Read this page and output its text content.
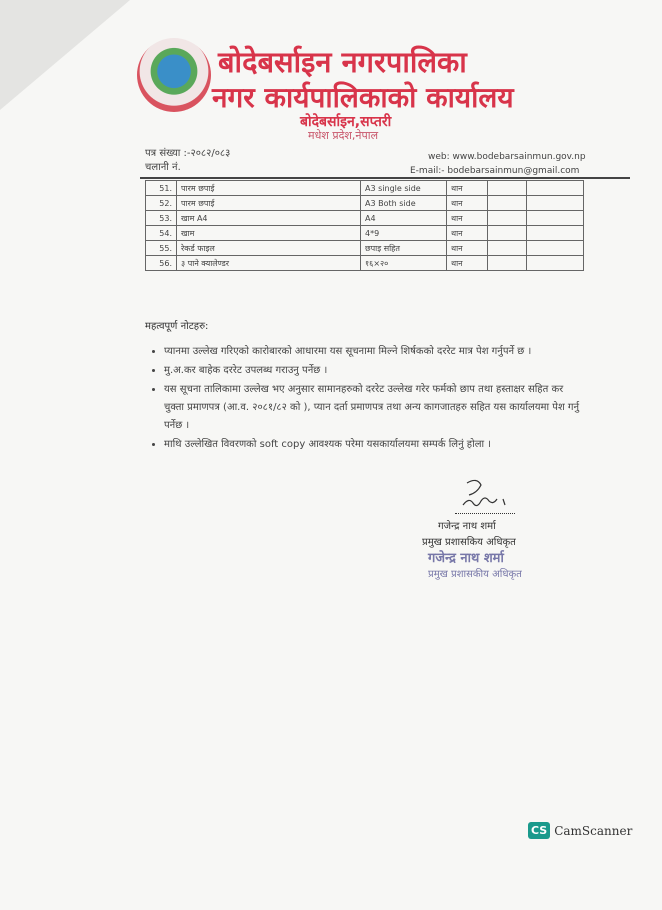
बोदेबर्साइन नगरपालिका
नगर कार्यपालिकाको कार्यालय
बोदेबर्साइन,सप्तरी
मधेश प्रदेश,नेपाल
पत्र संख्या :-२०८२/०८३
चलानी नं.
web: www.bodebarsainmun.gov.np
E-mail:- bodebarsainmun@gmail.com
51.	पारम छपाई	A3 single side	थान		
52.	पारम छपाई	A3 Both side	थान		
53.	खाम A4	A4	थान		
54.	खाम	4*9	थान		
55.	रेकर्ड फाइल	छपाइ सहित	थान		
56.	३ पाने क्यालेण्डर	१६×२०	थान		
महत्वपूर्ण नोटहरु:
• प्यानमा उल्लेख गरिएको कारोबारको आधारमा यस सूचनामा मिल्ने शिर्षकको दररेट मात्र पेश गर्नुपर्ने छ ।
• मु.अ.कर बाहेक दररेट उपलब्ध गराउनु पर्नेछ ।
• यस सूचना तालिकामा उल्लेख भए अनुसार सामानहरुको दररेट उल्लेख गरेर फर्मको छाप तथा हस्ताक्षर सहित कर चुक्ता प्रमाणपत्र (आ.व. २०८१/८२ को ), प्यान दर्ता प्रमाणपत्र तथा अन्य कागजातहरु सहित यस कार्यालयमा पेश गर्नु पर्नेछ ।
• माथि उल्लेखित विवरणको soft copy आवश्यक परेमा यसकार्यालयमा सम्पर्क लिनुं होला ।
गजेन्द्र नाथ शर्मा
प्रमुख प्रशासकिय अधिकृत
गजेन्द्र नाथ शर्मा
प्रमुख प्रशासकीय अधिकृत
CS CamScanner
